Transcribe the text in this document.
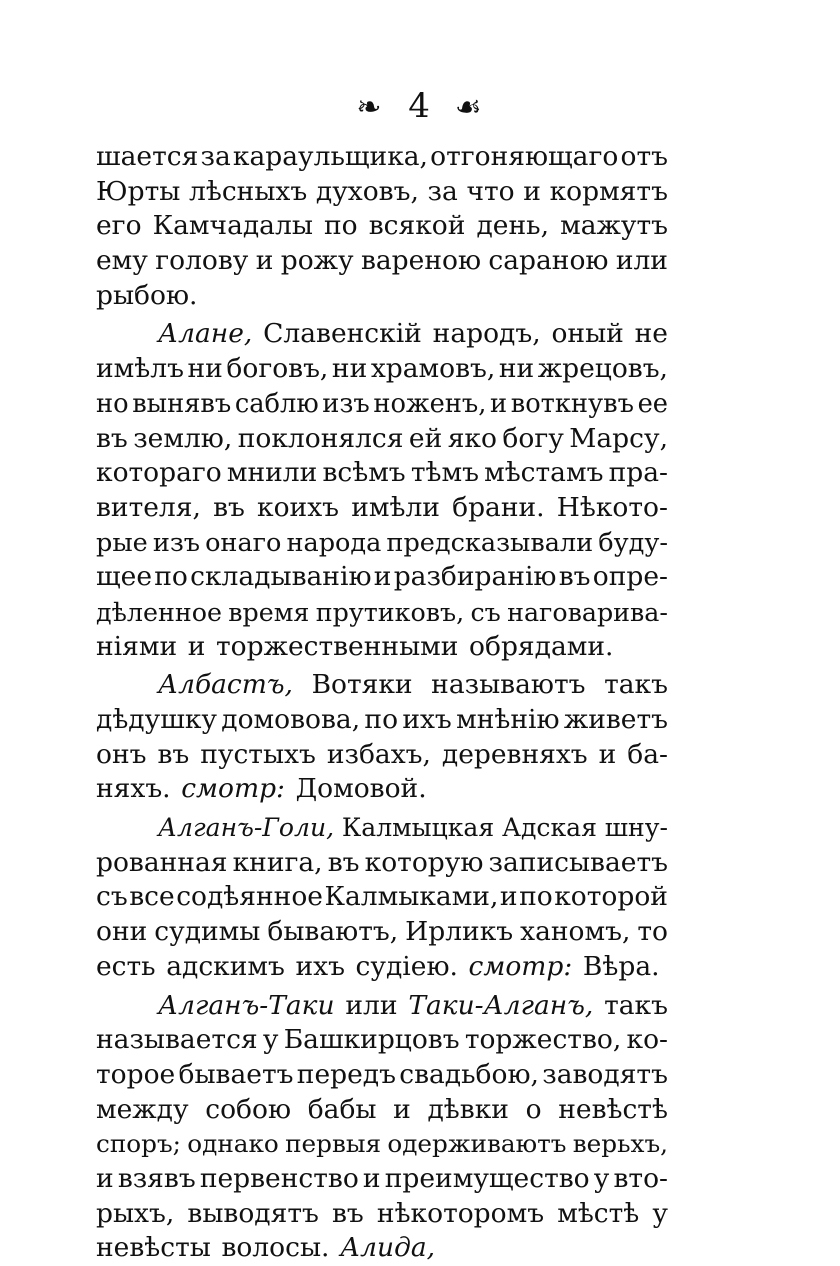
❧ 4 ☙
шается за караульщика, отгоняющаго отъ
Юрты лѣсныхъ духовъ, за что и кормятъ
его Камчадалы по всякой день, мажутъ
ему голову и рожу вареною сараною или
рыбою.
Алане, Славенскій народъ, оный не
имѣлъ ни боговъ, ни храмовъ, ни жрецовъ,
но вынявъ саблю изъ ноженъ, и воткнувъ ее
въ землю, поклонялся ей яко богу Марсу,
котораго мнили всѣмъ тѣмъ мѣстамъ пра-
вителя, въ коихъ имѣли брани. Нѣкото-
рые изъ онаго народа предсказывали буду-
щее по складыванію и разбиранію въ опре-
дѣленное время прутиковъ, съ наговарива-
ніями и торжественными обрядами.
Албастъ, Вотяки называютъ такъ
дѣдушку домовова, по ихъ мнѣнію живетъ
онъ въ пустыхъ избахъ, деревняхъ и ба-
няхъ. смотр: Домовой.
Алганъ-Голи, Калмыцкая Адская шну-
рованная книга, въ которую записываетъ
съ все содѣянное Калмыками, и по которой
они судимы бываютъ, Ирликъ ханомъ, то
есть адскимъ ихъ судіею. смотр: Вѣра.
Алганъ-Таки или Таки-Алганъ, такъ
называется у Башкирцовъ торжество, ко-
торое бываетъ передъ свадьбою, заводятъ
между собою бабы и дѣвки о невѣстѣ
споръ; однако первыя одерживаютъ верьхъ,
и взявъ первенство и преимущество у вто-
рыхъ, выводятъ въ нѣкоторомъ мѣстѣ у
невѣсты волосы. Алида,
